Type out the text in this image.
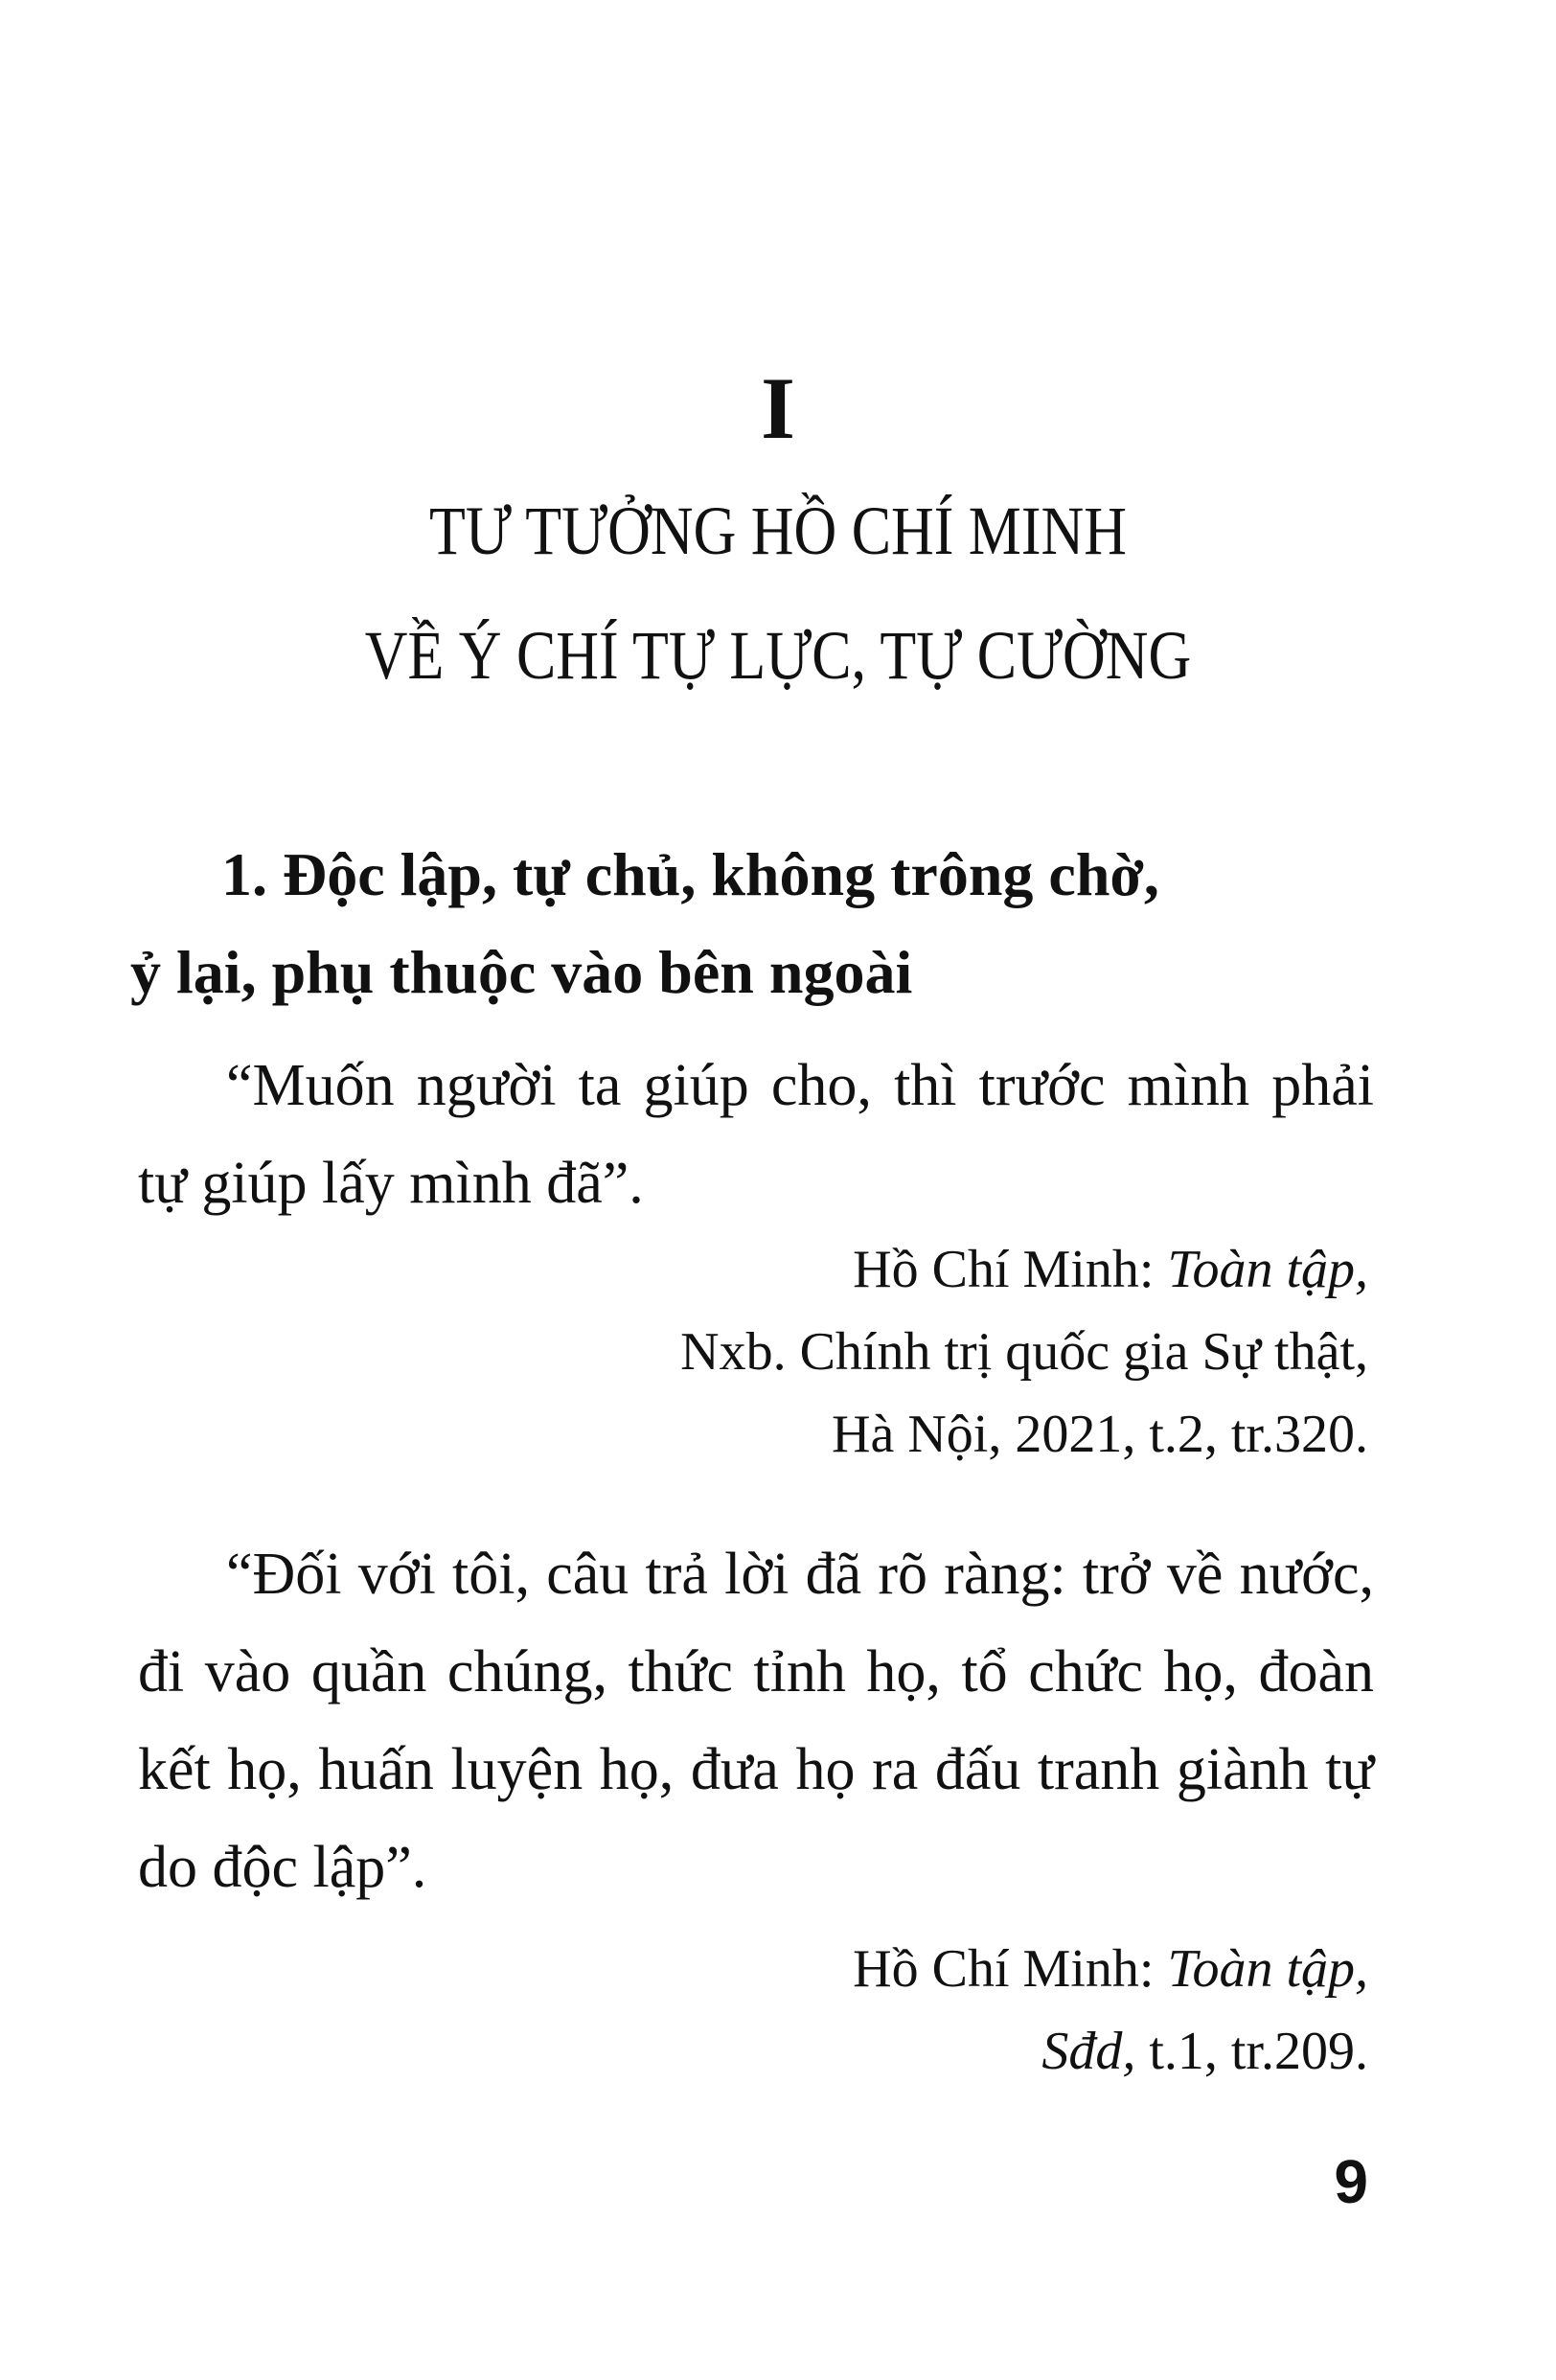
I
TƯ TƯỞNG HỒ CHÍ MINH
VỀ Ý CHÍ TỰ LỰC, TỰ CƯỜNG
1. Độc lập, tự chủ, không trông chờ,
ỷ lại, phụ thuộc vào bên ngoài
“Muốn người ta giúp cho, thì trước mình phải tự giúp lấy mình đã”.
Hồ Chí Minh: Toàn tập,
Nxb. Chính trị quốc gia Sự thật,
Hà Nội, 2021, t.2, tr.320.
“Đối với tôi, câu trả lời đã rõ ràng: trở về nước, đi vào quần chúng, thức tỉnh họ, tổ chức họ, đoàn kết họ, huấn luyện họ, đưa họ ra đấu tranh giành tự do độc lập”.
Hồ Chí Minh: Toàn tập,
Sđd, t.1, tr.209.
9
